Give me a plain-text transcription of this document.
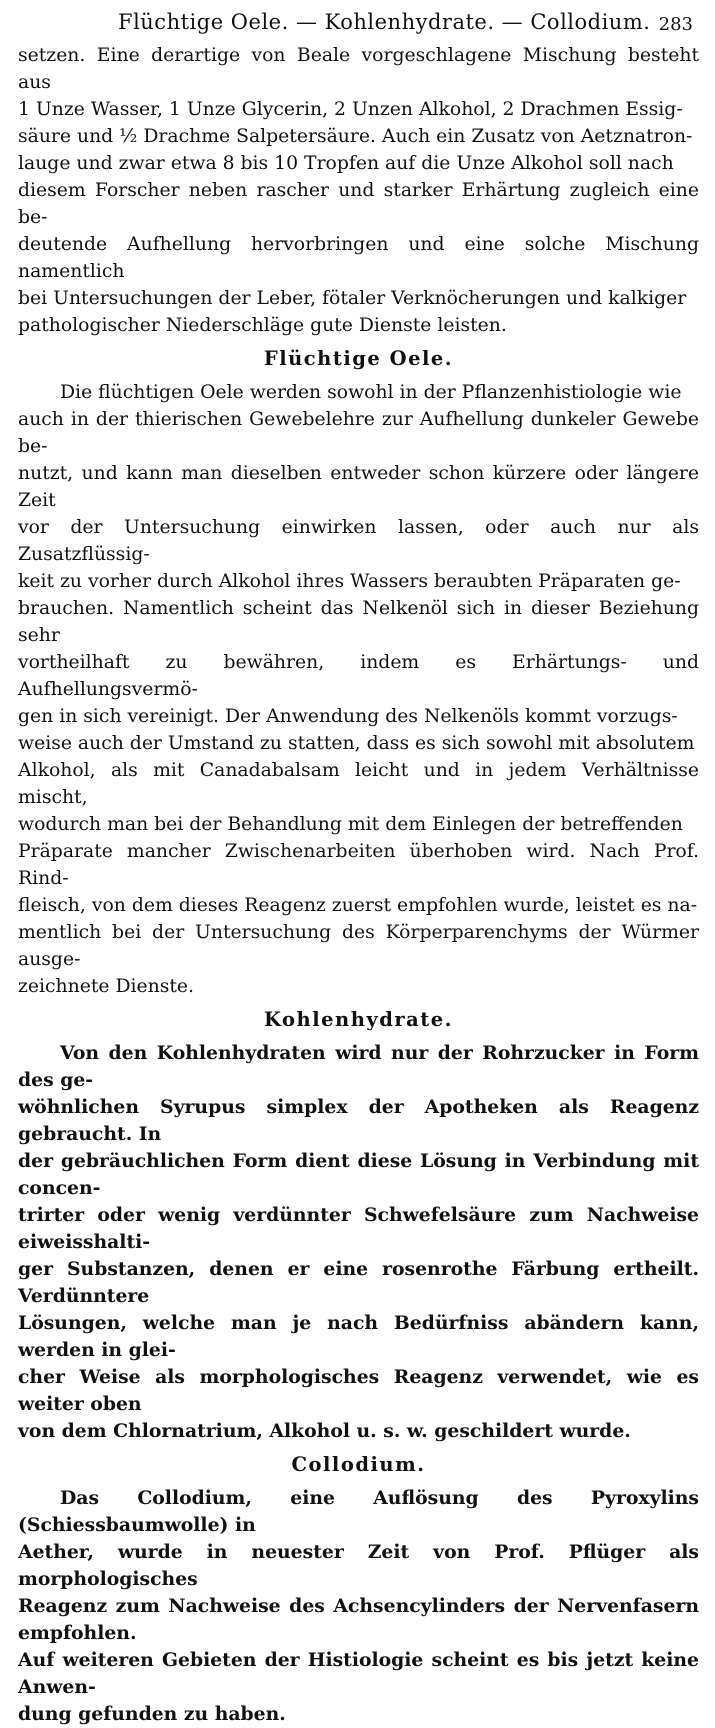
Flüchtige Oele. — Kohlenhydrate. — Collodium. 283

setzen. Eine derartige von Beale vorgeschlagene Mischung besteht aus

1 Unze Wasser, 1 Unze Glycerin, 2 Unzen Alkohol, 2 Drachmen Essig-

säure und ½ Drachme Salpetersäure. Auch ein Zusatz von Aetznatron-

lauge und zwar etwa 8 bis 10 Tropfen auf die Unze Alkohol soll nach

diesem Forscher neben rascher und starker Erhärtung zugleich eine be-

deutende Aufhellung hervorbringen und eine solche Mischung namentlich

bei Untersuchungen der Leber, fötaler Verknöcherungen und kalkiger

pathologischer Niederschläge gute Dienste leisten.

Flüchtige Oele.

Die flüchtigen Oele werden sowohl in der Pflanzenhistiologie wie

auch in der thierischen Gewebelehre zur Aufhellung dunkeler Gewebe be-

nutzt, und kann man dieselben entweder schon kürzere oder längere Zeit

vor der Untersuchung einwirken lassen, oder auch nur als Zusatzflüssig-

keit zu vorher durch Alkohol ihres Wassers beraubten Präparaten ge-

brauchen. Namentlich scheint das Nelkenöl sich in dieser Beziehung sehr

vortheilhaft zu bewähren, indem es Erhärtungs- und Aufhellungsvermö-

gen in sich vereinigt. Der Anwendung des Nelkenöls kommt vorzugs-

weise auch der Umstand zu statten, dass es sich sowohl mit absolutem

Alkohol, als mit Canadabalsam leicht und in jedem Verhältnisse mischt,

wodurch man bei der Behandlung mit dem Einlegen der betreffenden

Präparate mancher Zwischenarbeiten überhoben wird. Nach Prof. Rind-

fleisch, von dem dieses Reagenz zuerst empfohlen wurde, leistet es na-

mentlich bei der Untersuchung des Körperparenchyms der Würmer ausge-

zeichnete Dienste.

Kohlenhydrate.

Von den Kohlenhydraten wird nur der Rohrzucker in Form des ge-

wöhnlichen Syrupus simplex der Apotheken als Reagenz gebraucht. In

der gebräuchlichen Form dient diese Lösung in Verbindung mit concen-

trirter oder wenig verdünnter Schwefelsäure zum Nachweise eiweisshalti-

ger Substanzen, denen er eine rosenrothe Färbung ertheilt. Verdünntere

Lösungen, welche man je nach Bedürfniss abändern kann, werden in glei-

cher Weise als morphologisches Reagenz verwendet, wie es weiter oben

von dem Chlornatrium, Alkohol u. s. w. geschildert wurde.

Collodium.

Das Collodium, eine Auflösung des Pyroxylins (Schiessbaumwolle) in

Aether, wurde in neuester Zeit von Prof. Pflüger als morphologisches

Reagenz zum Nachweise des Achsencylinders der Nervenfasern empfohlen.

Auf weiteren Gebieten der Histiologie scheint es bis jetzt keine Anwen-

dung gefunden zu haben.
